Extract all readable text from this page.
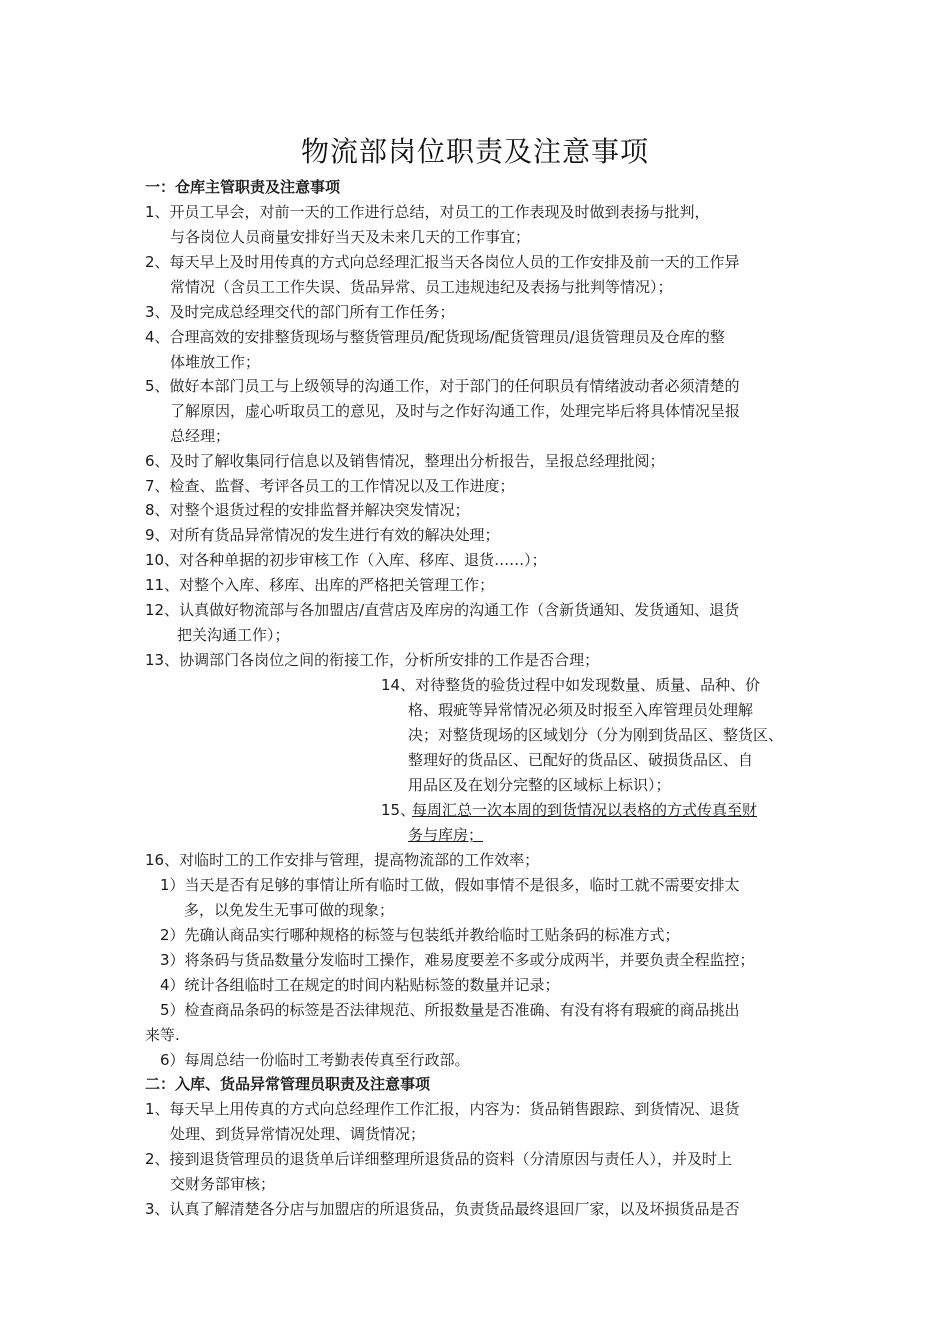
物流部岗位职责及注意事项
一：仓库主管职责及注意事项
1、开员工早会，对前一天的工作进行总结，对员工的工作表现及时做到表扬与批判，
与各岗位人员商量安排好当天及未来几天的工作事宜；
2、每天早上及时用传真的方式向总经理汇报当天各岗位人员的工作安排及前一天的工作异
常情况（含员工工作失误、货品异常、员工违规违纪及表扬与批判等情况）；
3、及时完成总经理交代的部门所有工作任务；
4、合理高效的安排整货现场与整货管理员/配货现场/配货管理员/退货管理员及仓库的整
体堆放工作；
5、做好本部门员工与上级领导的沟通工作，对于部门的任何职员有情绪波动者必须清楚的
了解原因，虚心听取员工的意见，及时与之作好沟通工作，处理完毕后将具体情况呈报
总经理；
6、及时了解收集同行信息以及销售情况，整理出分析报告，呈报总经理批阅；
7、检查、监督、考评各员工的工作情况以及工作进度；
8、对整个退货过程的安排监督并解决突发情况；
9、对所有货品异常情况的发生进行有效的解决处理；
10、对各种单据的初步审核工作（入库、移库、退货……）；
11、对整个入库、移库、出库的严格把关管理工作；
12、认真做好物流部与各加盟店/直营店及库房的沟通工作（含新货通知、发货通知、退货
把关沟通工作）；
13、协调部门各岗位之间的衔接工作，分析所安排的工作是否合理；
14、对待整货的验货过程中如发现数量、质量、品种、价
格、瑕疵等异常情况必须及时报至入库管理员处理解
决；对整货现场的区域划分（分为刚到货品区、整货区、
整理好的货品区、已配好的货品区、破损货品区、自
用品区及在划分完整的区域标上标识）；
15、
每周汇总一次本周的到货情况以表格的方式传真至财
务与库房；
16、对临时工的工作安排与管理，提高物流部的工作效率；
1）当天是否有足够的事情让所有临时工做，假如事情不是很多，临时工就不需要安排太
多，以免发生无事可做的现象；
2）先确认商品实行哪种规格的标签与包装纸并教给临时工贴条码的标准方式；
3）将条码与货品数量分发临时工操作，难易度要差不多或分成两半，并要负责全程监控；
4）统计各组临时工在规定的时间内粘贴标签的数量并记录；
5）检查商品条码的标签是否法律规范、所报数量是否准确、有没有将有瑕疵的商品挑出
来等.
6）每周总结一份临时工考勤表传真至行政部。
二：入库、货品异常管理员职责及注意事项
1、每天早上用传真的方式向总经理作工作汇报，内容为：货品销售跟踪、到货情况、退货
处理、到货异常情况处理、调货情况；
2、接到退货管理员的退货单后详细整理所退货品的资料（分清原因与责任人），并及时上
交财务部审核；
3、认真了解清楚各分店与加盟店的所退货品，负责货品最终退回厂家，以及坏损货品是否
